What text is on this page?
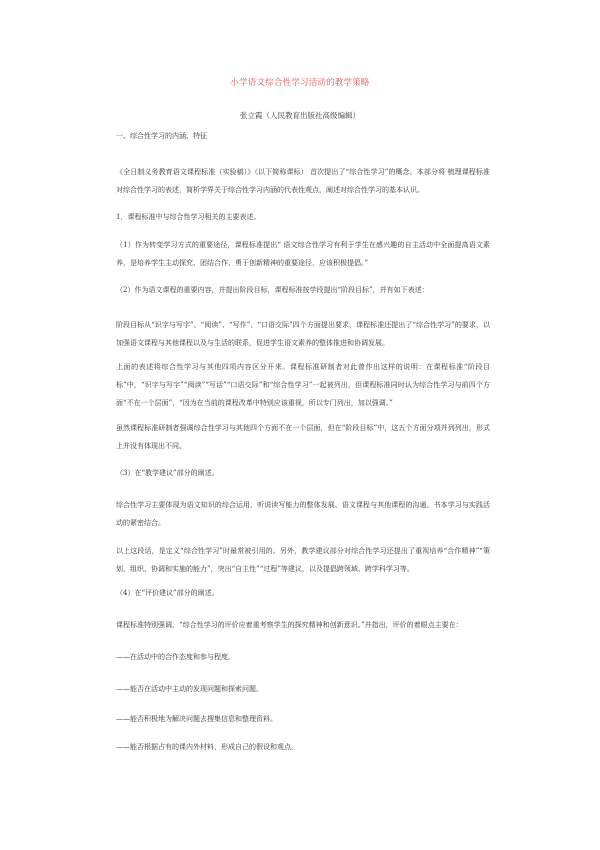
小学语文综合性学习活动的教学策略
张立霞（人民教育出版社高级编辑）
一、综合性学习的内涵、特征
《全日制义务教育语文课程标准（实验稿）》（以下简称课标） 首次提出了“综合性学习”的概念。本部分将 梳理课程标准对综合性学习的表述，简析学界关于综合性学习内涵的代表性观点，阐述对综合性学习的基本认识。
1．课程标准中与综合性学习相关的主要表述。
（1）作为转变学习方式的重要途径，课程标准提出“ 语文综合性学习有利于学生在感兴趣的自主活动中全面提高语文素养，是培养学生主动探究、团结合作、勇于创新精神的重要途径，应该积极提倡。”
（2）作为语文课程的重要内容，并提出阶段目标，课程标准按学段提出“阶段目标”，并有如下表述：
阶段目标从“识字与写字”、“阅读”、“写作”、“口语交际”四个方面提出要求，课程标准还提出了“综合性学习”的要求，以加强语文课程与其他课程以及与生活的联系，促进学生语文素养的整体推进和协调发展。
上面的表述将综合性学习与其他四项内容区分开来。课程标准研制者对此曾作出这样的说明：在课程标准“阶段目标”中，“识字与写字”“阅读”“写话”“口语交际”和“综合性学习”一起被列出，但课程标准同时认为综合性学习与前四个方面“不在一个层面”，“因为在当前的课程改革中特别应该重视，所以专门列出，加以强调。”
虽然课程标准研制者强调综合性学习与其他四个方面不在一个层面，但在“阶段目标”中，这五个方面分项并列列出，形式上并没有体现出不同。
（3）在“教学建议”部分的阐述。
综合性学习主要体现为语文知识的综合运用、听说读写能力的整体发展、语文课程与其他课程的沟通、书本学习与实践活动的紧密结合。
以上这段话，是定义“综合性学习”时最常被引用的。另外，教学建议部分对综合性学习还提出了重视培养“合作精神”“策划、组织、协调和实施的能力”，突出“自主性”“过程”等建议，以及提倡跨领域、跨学科学习等。
（4）在“评价建议”部分的阐述。
课程标准特别强调，“综合性学习的评价应着重考察学生的探究精神和创新意识。”并指出，评价的着眼点主要在：
——在活动中的合作态度和参与程度。
——能否在活动中主动的发现问题和探索问题。
——能否积极地为解决问题去搜集信息和整理资料。
——能否根据占有的课内外材料，形成自己的假设和观点。
